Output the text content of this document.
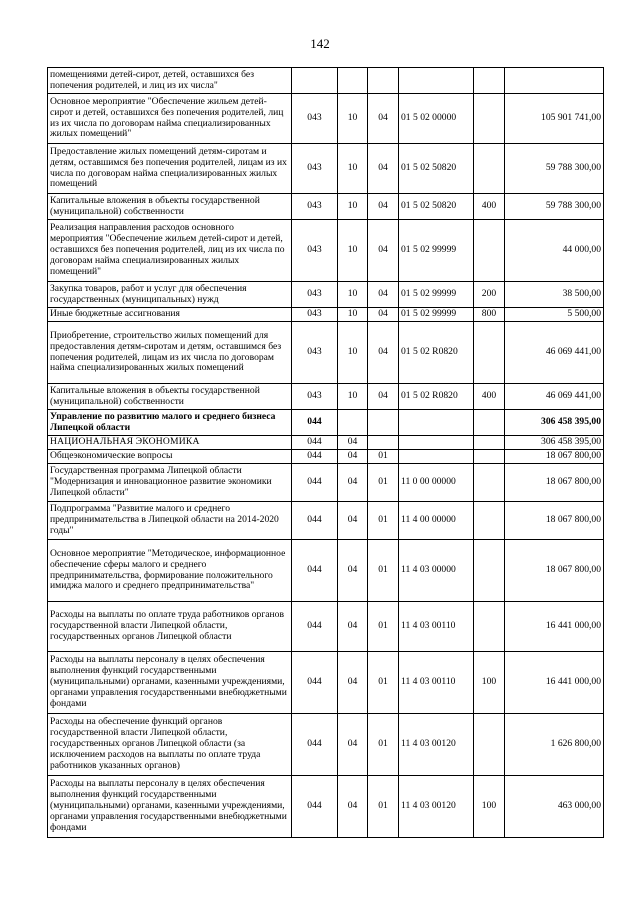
142
помещениями детей-сирот, детей, оставшихся без попечения родителей, и лиц из их числа"						
Основное мероприятие "Обеспечение жильем детей-сирот и детей, оставшихся без попечения родителей, лиц из их числа по договорам найма специализированных жилых помещений"	043	10	04	01 5 02 00000		105 901 741,00
Предоставление жилых помещений детям-сиротам и детям, оставшимся без попечения родителей, лицам из их числа по договорам найма специализированных жилых помещений	043	10	04	01 5 02 50820		59 788 300,00
Капитальные вложения в объекты государственной (муниципальной) собственности	043	10	04	01 5 02 50820	400	59 788 300,00
Реализация направления расходов основного мероприятия "Обеспечение жильем детей-сирот и детей, оставшихся без попечения родителей, лиц из их числа по договорам найма специализированных жилых помещений"	043	10	04	01 5 02 99999		44 000,00
Закупка товаров, работ и услуг для обеспечения государственных (муниципальных) нужд	043	10	04	01 5 02 99999	200	38 500,00
Иные бюджетные ассигнования	043	10	04	01 5 02 99999	800	5 500,00
Приобретение, строительство жилых помещений для предоставления детям-сиротам и детям, оставшимся без попечения родителей, лицам из их числа по договорам найма специализированных жилых помещений	043	10	04	01 5 02 R0820		46 069 441,00
Капитальные вложения в объекты государственной (муниципальной) собственности	043	10	04	01 5 02 R0820	400	46 069 441,00
Управление по развитию малого и среднего бизнеса Липецкой области	044					306 458 395,00
НАЦИОНАЛЬНАЯ ЭКОНОМИКА	044	04				306 458 395,00
Общеэкономические вопросы	044	04	01			18 067 800,00
Государственная программа Липецкой области "Модернизация и инновационное развитие экономики Липецкой области"	044	04	01	11 0 00 00000		18 067 800,00
Подпрограмма "Развитие малого и среднего предпринимательства в Липецкой области на 2014-2020 годы"	044	04	01	11 4 00 00000		18 067 800,00
Основное мероприятие "Методическое, информационное обеспечение сферы малого и среднего предпринимательства, формирование положительного имиджа малого и среднего предпринимательства"	044	04	01	11 4 03 00000		18 067 800,00
Расходы на выплаты по оплате труда работников органов государственной власти Липецкой области, государственных органов Липецкой области	044	04	01	11 4 03 00110		16 441 000,00
Расходы на выплаты персоналу в целях обеспечения выполнения функций государственными (муниципальными) органами, казенными учреждениями, органами управления государственными внебюджетными фондами	044	04	01	11 4 03 00110	100	16 441 000,00
Расходы на обеспечение функций органов государственной власти Липецкой области, государственных органов Липецкой области (за исключением расходов на выплаты по оплате труда работников указанных органов)	044	04	01	11 4 03 00120		1 626 800,00
Расходы на выплаты персоналу в целях обеспечения выполнения функций государственными (муниципальными) органами, казенными учреждениями, органами управления государственными внебюджетными фондами	044	04	01	11 4 03 00120	100	463 000,00
